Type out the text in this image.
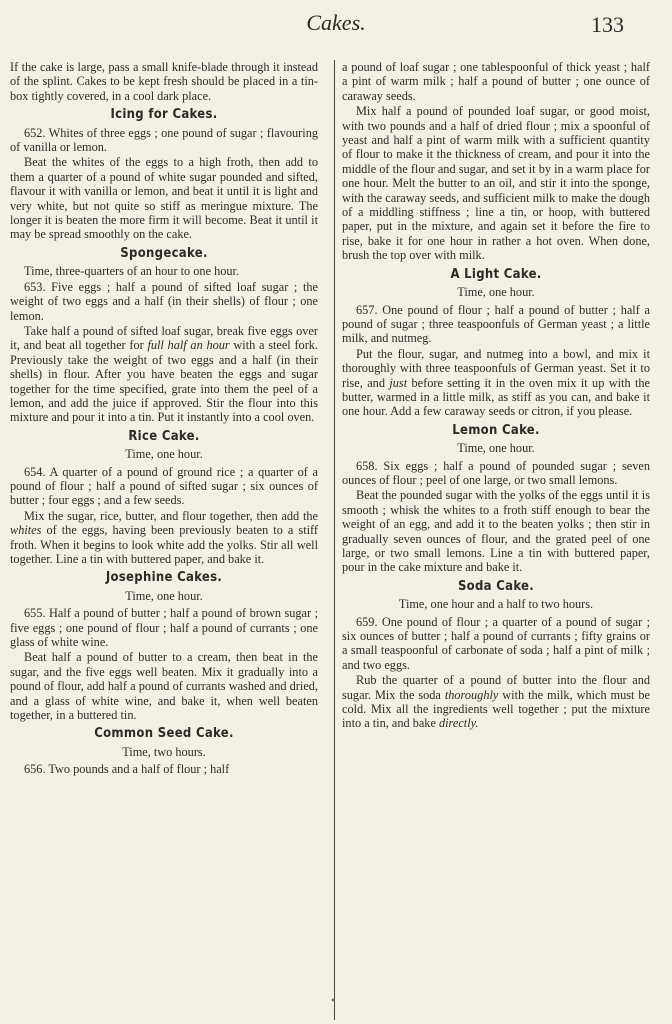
Cakes.	133

If the cake is large, pass a small knife-blade through it instead of the splint. Cakes to be kept fresh should be placed in a tin-box tightly covered, in a cool dark place.

Icing for Cakes.

652. Whites of three eggs ; one pound of sugar ; flavouring of vanilla or lemon.

Beat the whites of the eggs to a high froth, then add to them a quarter of a pound of white sugar pounded and sifted, flavour it with vanilla or lemon, and beat it until it is light and very white, but not quite so stiff as meringue mixture. The longer it is beaten the more firm it will become. Beat it until it may be spread smoothly on the cake.

Spongecake.

Time, three-quarters of an hour to one hour.

653. Five eggs ; half a pound of sifted loaf sugar ; the weight of two eggs and a half (in their shells) of flour ; one lemon.

Take half a pound of sifted loaf sugar, break five eggs over it, and beat all together for full half an hour with a steel fork. Previously take the weight of two eggs and a half (in their shells) in flour. After you have beaten the eggs and sugar together for the time specified, grate into them the peel of a lemon, and add the juice if approved. Stir the flour into this mixture and pour it into a tin. Put it instantly into a cool oven.

Rice Cake.

Time, one hour.

654. A quarter of a pound of ground rice ; a quarter of a pound of flour ; half a pound of sifted sugar ; six ounces of butter ; four eggs ; and a few seeds.

Mix the sugar, rice, butter, and flour together, then add the whites of the eggs, having been previously beaten to a stiff froth. When it begins to look white add the yolks. Stir all well together. Line a tin with buttered paper, and bake it.

Josephine Cakes.

Time, one hour.

655. Half a pound of butter ; half a pound of brown sugar ; five eggs ; one pound of flour ; half a pound of currants ; one glass of white wine.

Beat half a pound of butter to a cream, then beat in the sugar, and the five eggs well beaten. Mix it gradually into a pound of flour, add half a pound of currants washed and dried, and a glass of white wine, and bake it, when well beaten together, in a buttered tin.

Common Seed Cake.

Time, two hours.

656. Two pounds and a half of flour ; half

a pound of loaf sugar ; one tablespoonful of thick yeast ; half a pint of warm milk ; half a pound of butter ; one ounce of caraway seeds.

Mix half a pound of pounded loaf sugar, or good moist, with two pounds and a half of dried flour ; mix a spoonful of yeast and half a pint of warm milk with a sufficient quantity of flour to make it the thickness of cream, and pour it into the middle of the flour and sugar, and set it by in a warm place for one hour. Melt the butter to an oil, and stir it into the sponge, with the caraway seeds, and sufficient milk to make the dough of a middling stiffness ; line a tin, or hoop, with buttered paper, put in the mixture, and again set it before the fire to rise, bake it for one hour in rather a hot oven. When done, brush the top over with milk.

A Light Cake.

Time, one hour.

657. One pound of flour ; half a pound of butter ; half a pound of sugar ; three teaspoonfuls of German yeast ; a little milk, and nutmeg.

Put the flour, sugar, and nutmeg into a bowl, and mix it thoroughly with three teaspoonfuls of German yeast. Set it to rise, and just before setting it in the oven mix it up with the butter, warmed in a little milk, as stiff as you can, and bake it one hour. Add a few caraway seeds or citron, if you please.

Lemon Cake.

Time, one hour.

658. Six eggs ; half a pound of pounded sugar ; seven ounces of flour ; peel of one large, or two small lemons.

Beat the pounded sugar with the yolks of the eggs until it is smooth ; whisk the whites to a froth stiff enough to bear the weight of an egg, and add it to the beaten yolks ; then stir in gradually seven ounces of flour, and the grated peel of one large, or two small lemons. Line a tin with buttered paper, pour in the cake mixture and bake it.

Soda Cake.

Time, one hour and a half to two hours.

659. One pound of flour ; a quarter of a pound of sugar ; six ounces of butter ; half a pound of currants ; fifty grains or a small teaspoonful of carbonate of soda ; half a pint of milk ; and two eggs.

Rub the quarter of a pound of butter into the flour and sugar. Mix the soda thoroughly with the milk, which must be cold. Mix all the ingredients well together ; put the mixture into a tin, and bake directly.

•
